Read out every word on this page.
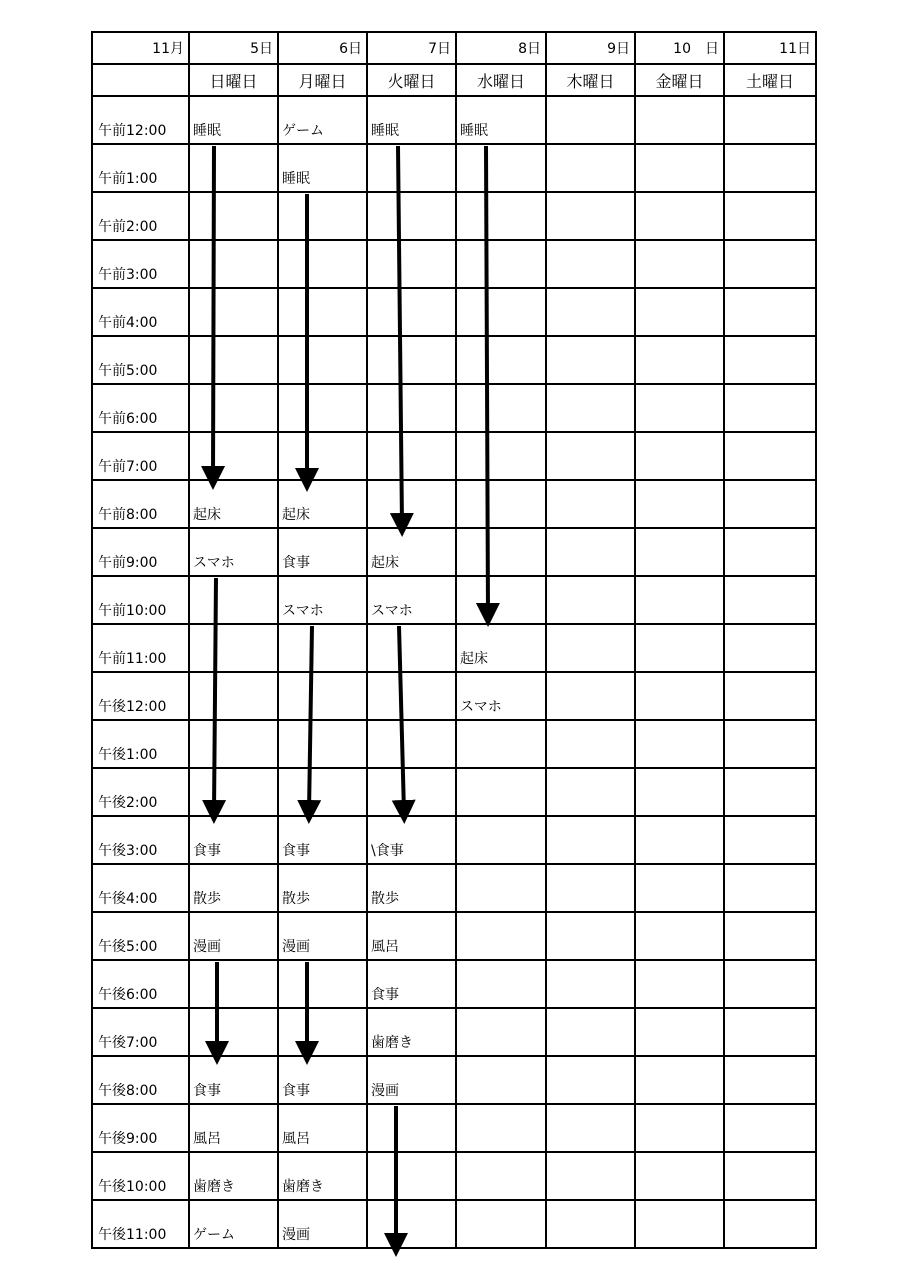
11月	5日	6日	7日	8日	9日	10　日	11日
	日曜日	月曜日	火曜日	水曜日	木曜日	金曜日	土曜日
午前12:00	睡眠	ゲーム	睡眠	睡眠			
午前1:00		睡眠					
午前2:00							
午前3:00							
午前4:00							
午前5:00							
午前6:00							
午前7:00							
午前8:00	起床	起床					
午前9:00	スマホ	食事	起床				
午前10:00		スマホ	スマホ				
午前11:00				起床			
午後12:00				スマホ			
午後1:00							
午後2:00							
午後3:00	食事	食事	\食事				
午後4:00	散歩	散歩	散歩				
午後5:00	漫画	漫画	風呂				
午後6:00			食事				
午後7:00			歯磨き				
午後8:00	食事	食事	漫画				
午後9:00	風呂	風呂					
午後10:00	歯磨き	歯磨き					
午後11:00	ゲーム	漫画					
